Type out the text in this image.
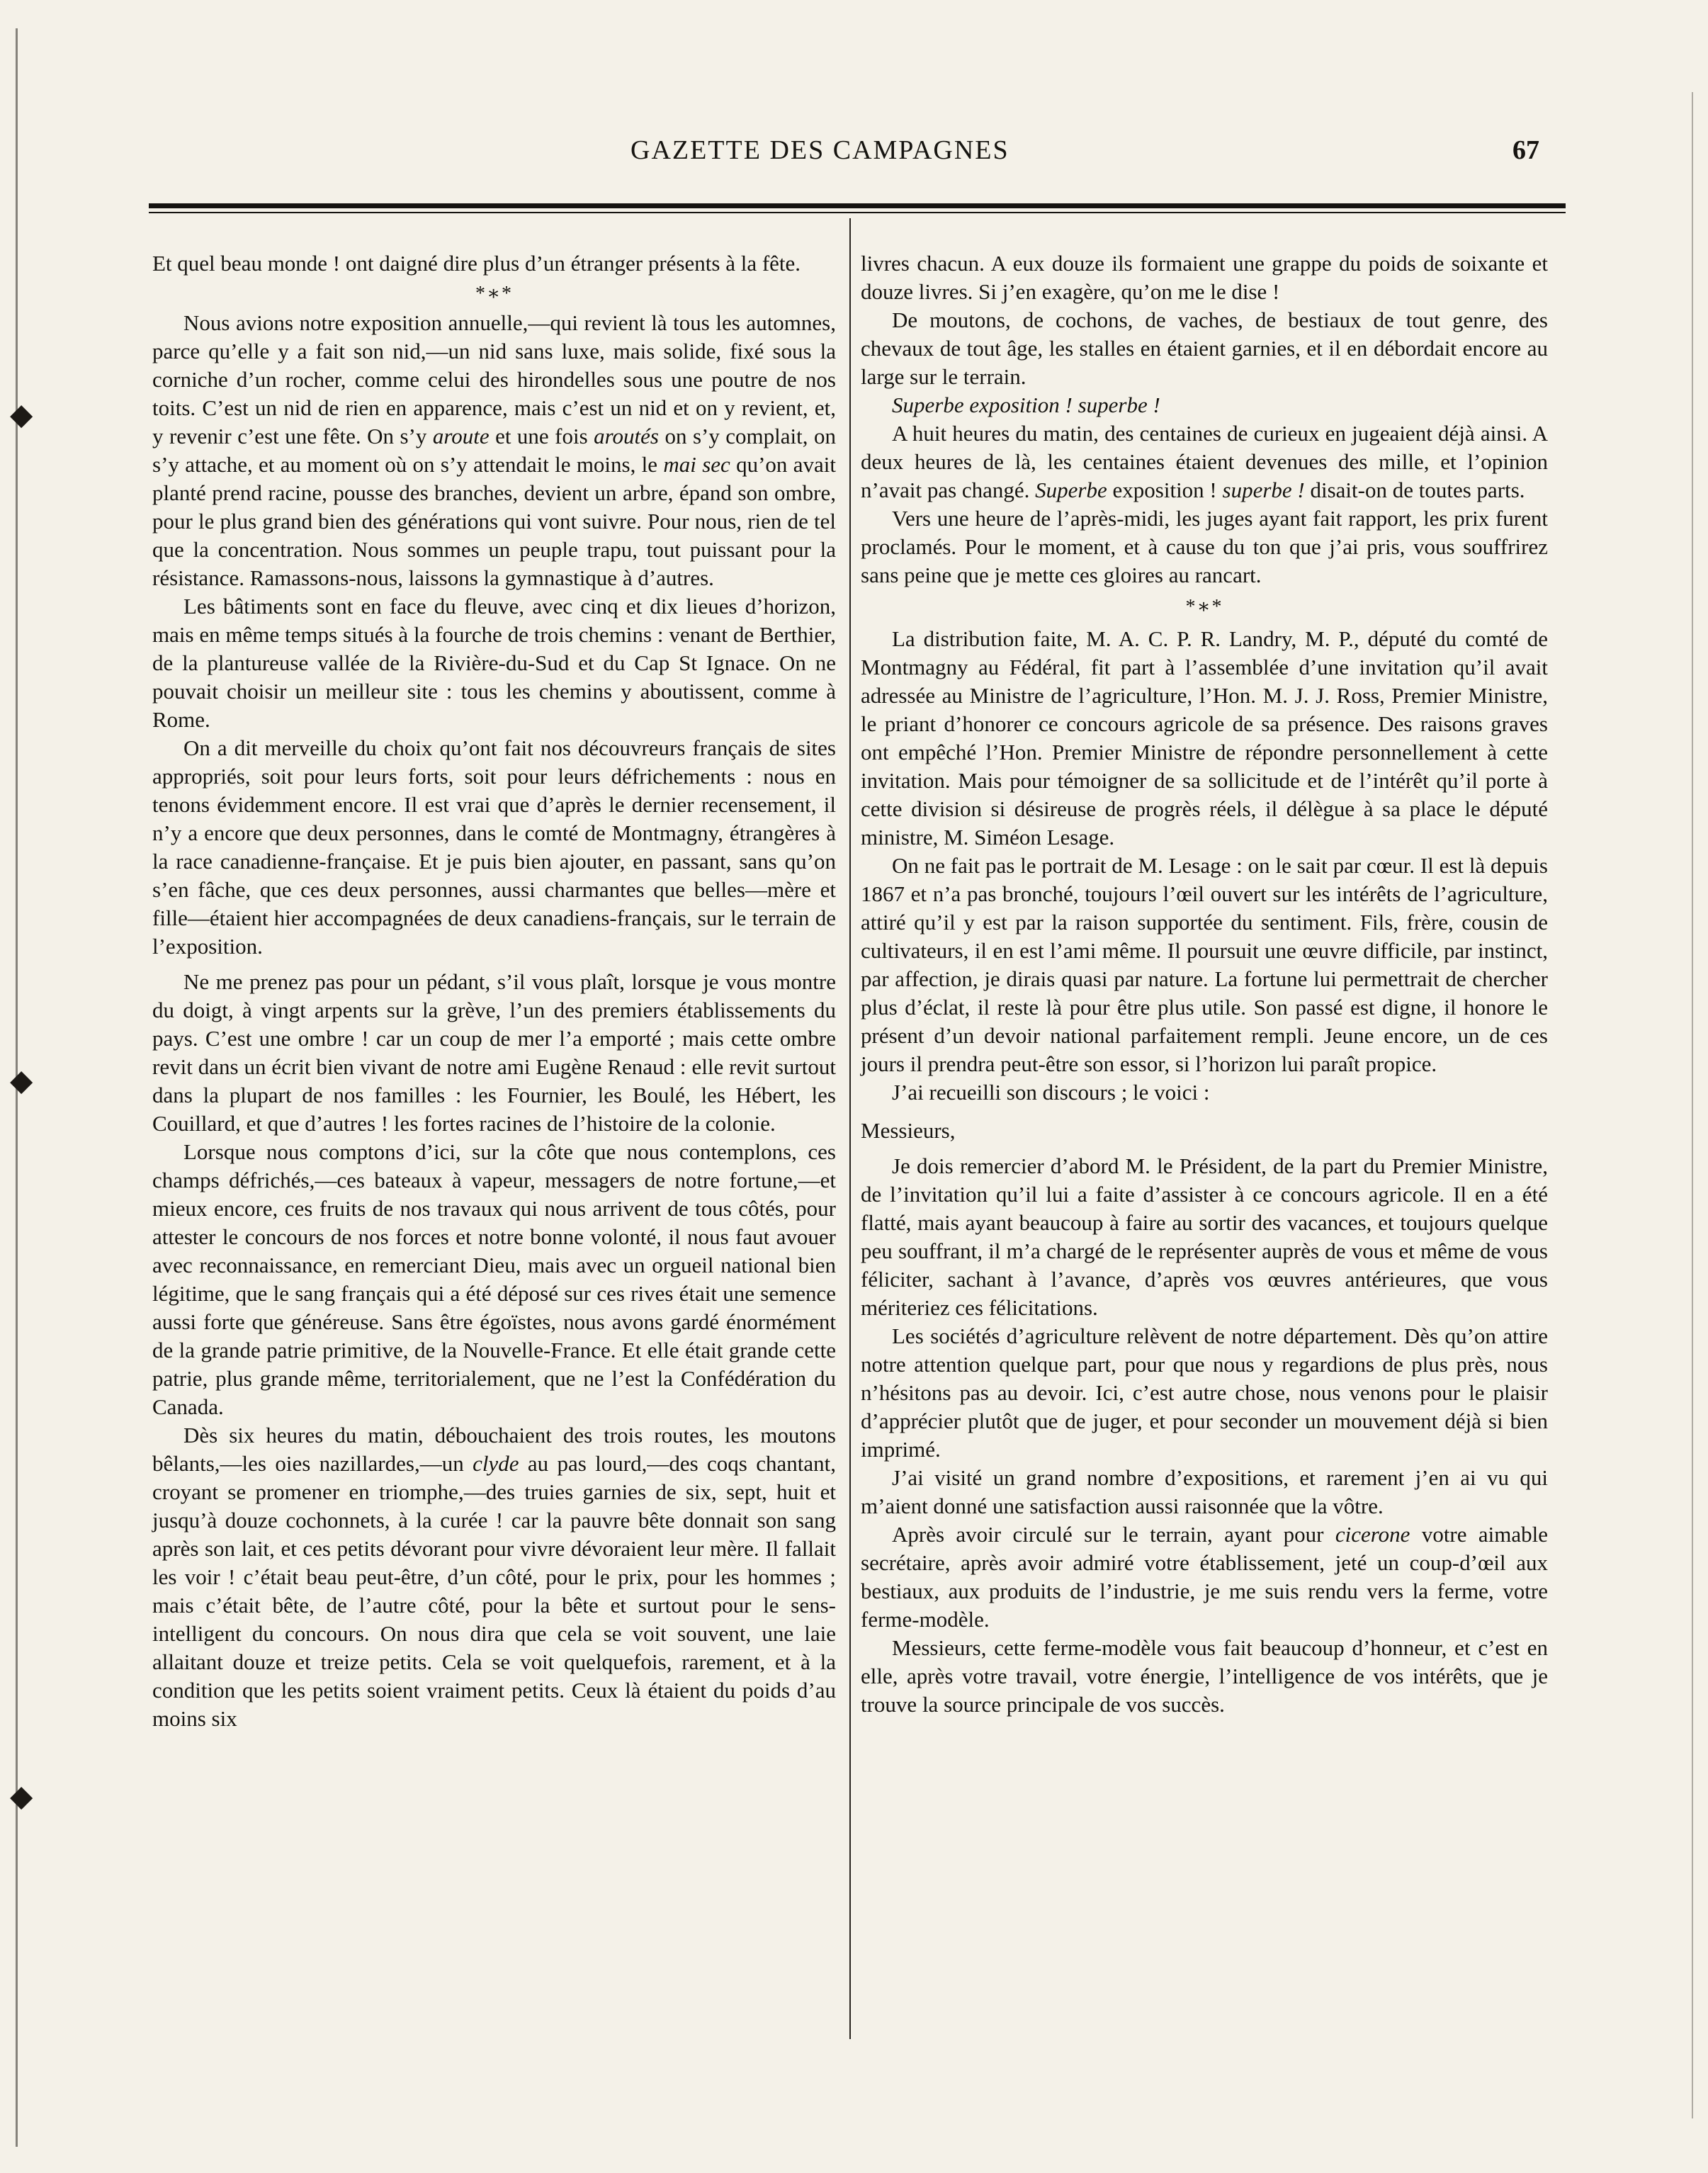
◆
◆
◆
GAZETTE DES CAMPAGNES	67

Et quel beau monde ! ont daigné dire plus d’un étranger présents à la fête.

*∗*

Nous avions notre exposition annuelle,—qui revient là tous les automnes, parce qu’elle y a fait son nid,—un nid sans luxe, mais solide, fixé sous la corniche d’un rocher, comme celui des hirondelles sous une poutre de nos toits. C’est un nid de rien en apparence, mais c’est un nid et on y revient, et, y revenir c’est une fête. On s’y aroute et une fois aroutés on s’y complait, on s’y attache, et au moment où on s’y attendait le moins, le mai sec qu’on avait planté prend racine, pousse des branches, devient un arbre, épand son ombre, pour le plus grand bien des générations qui vont suivre. Pour nous, rien de tel que la concentration. Nous sommes un peuple trapu, tout puissant pour la résistance. Ramassons-nous, laissons la gymnastique à d’autres.

Les bâtiments sont en face du fleuve, avec cinq et dix lieues d’horizon, mais en même temps situés à la fourche de trois chemins : venant de Berthier, de la plantureuse vallée de la Rivière-du-Sud et du Cap St Ignace. On ne pouvait choisir un meilleur site : tous les chemins y aboutissent, comme à Rome.

On a dit merveille du choix qu’ont fait nos découvreurs français de sites appropriés, soit pour leurs forts, soit pour leurs défrichements : nous en tenons évidemment encore. Il est vrai que d’après le dernier recensement, il n’y a encore que deux personnes, dans le comté de Montmagny, étrangères à la race canadienne-française. Et je puis bien ajouter, en passant, sans qu’on s’en fâche, que ces deux personnes, aussi charmantes que belles—mère et fille—étaient hier accompagnées de deux canadiens-français, sur le terrain de l’exposition.

Ne me prenez pas pour un pédant, s’il vous plaît, lorsque je vous montre du doigt, à vingt arpents sur la grève, l’un des premiers établissements du pays. C’est une ombre ! car un coup de mer l’a emporté ; mais cette ombre revit dans un écrit bien vivant de notre ami Eugène Renaud : elle revit surtout dans la plupart de nos familles : les Fournier, les Boulé, les Hébert, les Couillard, et que d’autres ! les fortes racines de l’histoire de la colonie.

Lorsque nous comptons d’ici, sur la côte que nous contemplons, ces champs défrichés,—ces bateaux à vapeur, messagers de notre fortune,—et mieux encore, ces fruits de nos travaux qui nous arrivent de tous côtés, pour attester le concours de nos forces et notre bonne volonté, il nous faut avouer avec reconnaissance, en remerciant Dieu, mais avec un orgueil national bien légitime, que le sang français qui a été déposé sur ces rives était une semence aussi forte que généreuse. Sans être égoïstes, nous avons gardé énormément de la grande patrie primitive, de la Nouvelle-France. Et elle était grande cette patrie, plus grande même, territorialement, que ne l’est la Confédération du Canada.

Dès six heures du matin, débouchaient des trois routes, les moutons bêlants,—les oies nazillardes,—un clyde au pas lourd,—des coqs chantant, croyant se promener en triomphe,—des truies garnies de six, sept, huit et jusqu’à douze cochonnets, à la curée ! car la pauvre bête donnait son sang après son lait, et ces petits dévorant pour vivre dévoraient leur mère. Il fallait les voir ! c’était beau peut-être, d’un côté, pour le prix, pour les hommes ; mais c’était bête, de l’autre côté, pour la bête et surtout pour le sens-intelligent du concours. On nous dira que cela se voit souvent, une laie allaitant douze et treize petits. Cela se voit quelquefois, rarement, et à la condition que les petits soient vraiment petits. Ceux là étaient du poids d’au moins six

livres chacun. A eux douze ils formaient une grappe du poids de soixante et douze livres. Si j’en exagère, qu’on me le dise !

De moutons, de cochons, de vaches, de bestiaux de tout genre, des chevaux de tout âge, les stalles en étaient garnies, et il en débordait encore au large sur le terrain.

Superbe exposition ! superbe !

A huit heures du matin, des centaines de curieux en jugeaient déjà ainsi. A deux heures de là, les centaines étaient devenues des mille, et l’opinion n’avait pas changé. Superbe exposition ! superbe ! disait-on de toutes parts.

Vers une heure de l’après-midi, les juges ayant fait rapport, les prix furent proclamés. Pour le moment, et à cause du ton que j’ai pris, vous souffrirez sans peine que je mette ces gloires au rancart.

*∗*

La distribution faite, M. A. C. P. R. Landry, M. P., député du comté de Montmagny au Fédéral, fit part à l’assemblée d’une invitation qu’il avait adressée au Ministre de l’agriculture, l’Hon. M. J. J. Ross, Premier Ministre, le priant d’honorer ce concours agricole de sa présence. Des raisons graves ont empêché l’Hon. Premier Ministre de répondre personnellement à cette invitation. Mais pour témoigner de sa sollicitude et de l’intérêt qu’il porte à cette division si désireuse de progrès réels, il délègue à sa place le député ministre, M. Siméon Lesage.

On ne fait pas le portrait de M. Lesage : on le sait par cœur. Il est là depuis 1867 et n’a pas bronché, toujours l’œil ouvert sur les intérêts de l’agriculture, attiré qu’il y est par la raison supportée du sentiment. Fils, frère, cousin de cultivateurs, il en est l’ami même. Il poursuit une œuvre difficile, par instinct, par affection, je dirais quasi par nature. La fortune lui permettrait de chercher plus d’éclat, il reste là pour être plus utile. Son passé est digne, il honore le présent d’un devoir national parfaitement rempli. Jeune encore, un de ces jours il prendra peut-être son essor, si l’horizon lui paraît propice.

J’ai recueilli son discours ; le voici :

Messieurs,

Je dois remercier d’abord M. le Président, de la part du Premier Ministre, de l’invitation qu’il lui a faite d’assister à ce concours agricole. Il en a été flatté, mais ayant beaucoup à faire au sortir des vacances, et toujours quelque peu souffrant, il m’a chargé de le représenter auprès de vous et même de vous féliciter, sachant à l’avance, d’après vos œuvres antérieures, que vous mériteriez ces félicitations.

Les sociétés d’agriculture relèvent de notre département. Dès qu’on attire notre attention quelque part, pour que nous y regardions de plus près, nous n’hésitons pas au devoir. Ici, c’est autre chose, nous venons pour le plaisir d’apprécier plutôt que de juger, et pour seconder un mouvement déjà si bien imprimé.

J’ai visité un grand nombre d’expositions, et rarement j’en ai vu qui m’aient donné une satisfaction aussi raisonnée que la vôtre.

Après avoir circulé sur le terrain, ayant pour cicerone votre aimable secrétaire, après avoir admiré votre établissement, jeté un coup-d’œil aux bestiaux, aux produits de l’industrie, je me suis rendu vers la ferme, votre ferme-modèle.

Messieurs, cette ferme-modèle vous fait beaucoup d’honneur, et c’est en elle, après votre travail, votre énergie, l’intelligence de vos intérêts, que je trouve la source principale de vos succès.
